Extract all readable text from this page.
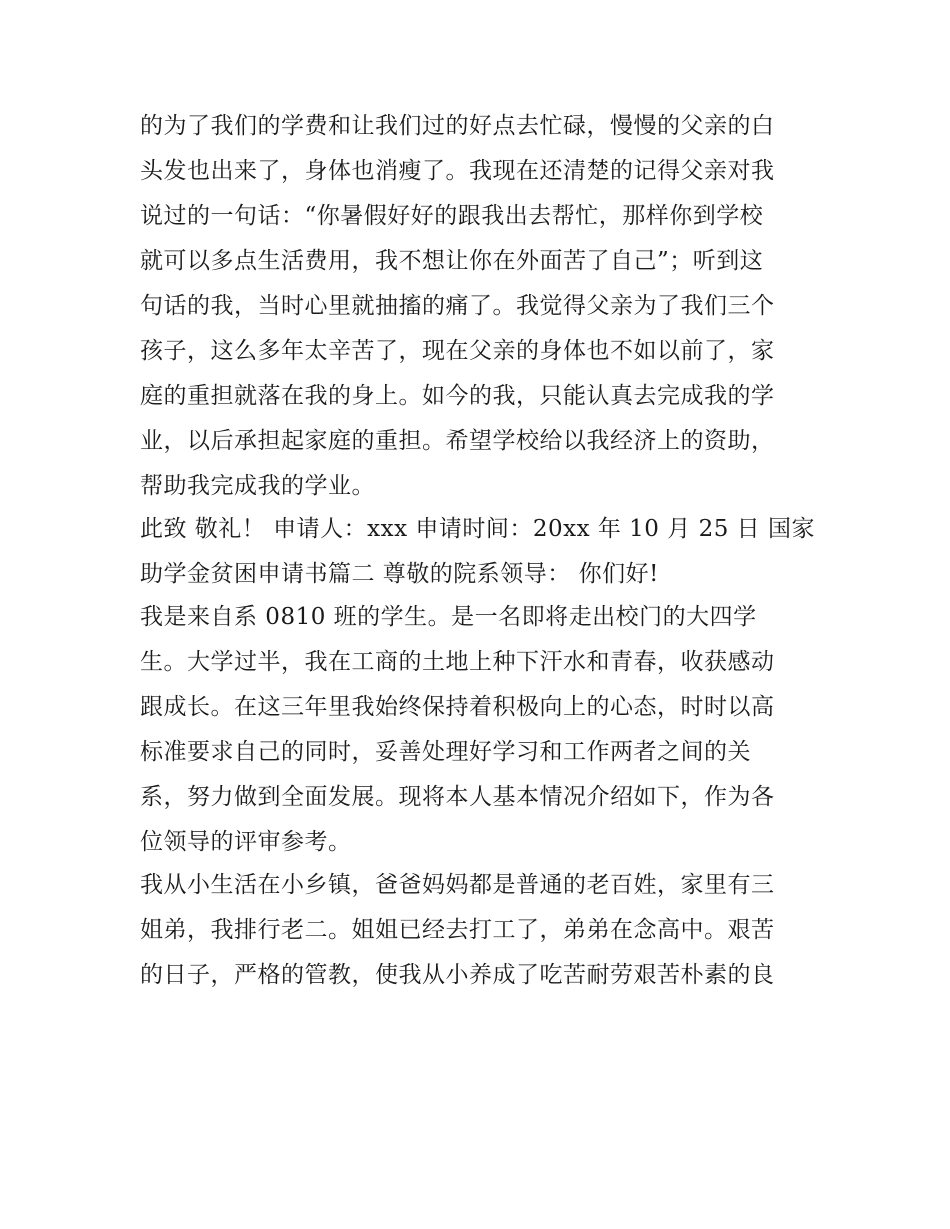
的为了我们的学费和让我们过的好点去忙碌，慢慢的父亲的白
头发也出来了，身体也消瘦了。我现在还清楚的记得父亲对我
说过的一句话：“你暑假好好的跟我出去帮忙，那样你到学校
就可以多点生活费用，我不想让你在外面苦了自己”；听到这
句话的我，当时心里就抽搐的痛了。我觉得父亲为了我们三个
孩子，这么多年太辛苦了，现在父亲的身体也不如以前了，家
庭的重担就落在我的身上。如今的我，只能认真去完成我的学
业，以后承担起家庭的重担。希望学校给以我经济上的资助，
帮助我完成我的学业。
此致 敬礼！ 申请人：xxx 申请时间：20xx 年 10 月 25 日 国家
助学金贫困申请书篇二 尊敬的院系领导： 你们好!
我是来自系 0810 班的学生。是一名即将走出校门的大四学
生。大学过半，我在工商的土地上种下汗水和青春，收获感动
跟成长。在这三年里我始终保持着积极向上的心态，时时以高
标准要求自己的同时，妥善处理好学习和工作两者之间的关
系，努力做到全面发展。现将本人基本情况介绍如下，作为各
位领导的评审参考。
我从小生活在小乡镇，爸爸妈妈都是普通的老百姓，家里有三
姐弟，我排行老二。姐姐已经去打工了，弟弟在念高中。艰苦
的日子，严格的管教，使我从小养成了吃苦耐劳艰苦朴素的良
